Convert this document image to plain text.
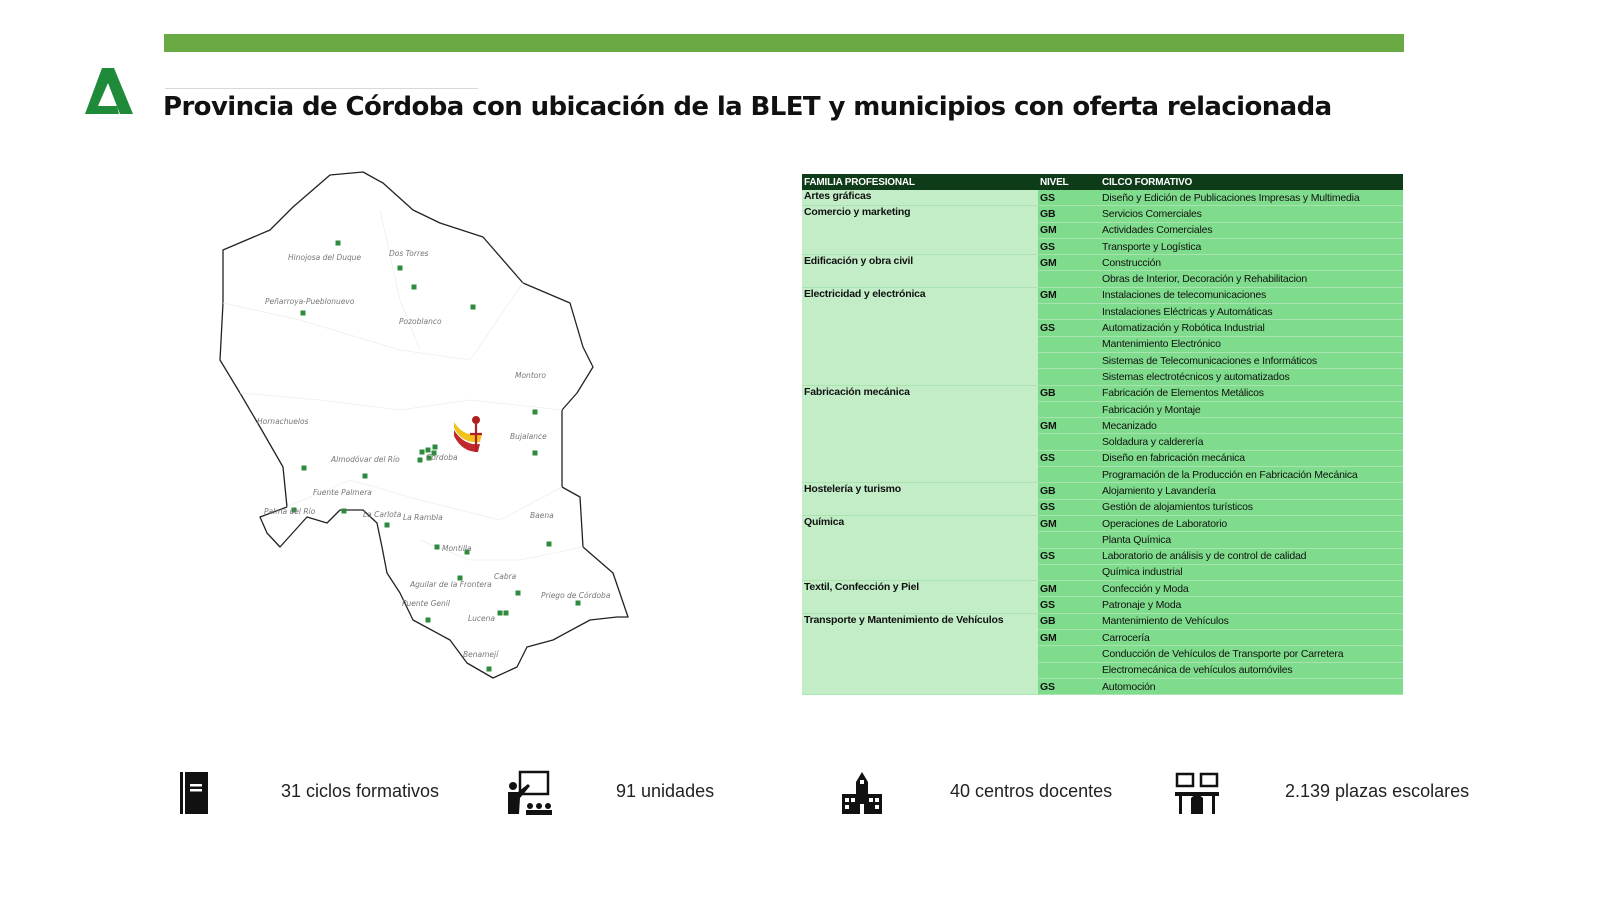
Provincia de Córdoba con ubicación de la BLET y municipios con oferta relacionada
Hinojosa del Duque	Dos Torres
Peñarroya-Pueblonuevo
Pozoblanco
Montoro
Hornachuelos
Bujalance
Almodóvar del Río	Córdoba
Fuente Palmera
Palma del Río	La Carlota La Rambla	Baena
Montilla
Cabra
Aguilar de la Frontera
Priego de Córdoba
Puente Genil
Lucena
Benamejí
FAMILIA PROFESIONAL	NIVEL	CILCO FORMATIVO
Artes gráficas	GS	Diseño y Edición de Publicaciones Impresas y Multimedia
Comercio y marketing	GB	Servicios Comerciales
	GM	Actividades Comerciales
	GS	Transporte y Logística
Edificación y obra civil	GM	Construcción
		Obras de Interior, Decoración y Rehabilitacion
Electricidad y electrónica	GM	Instalaciones de telecomunicaciones
		Instalaciones Eléctricas y Automáticas
	GS	Automatización y Robótica Industrial
		Mantenimiento Electrónico
		Sistemas de Telecomunicaciones e Informáticos
		Sistemas electrotécnicos y automatizados
Fabricación mecánica	GB	Fabricación de Elementos Metálicos
		Fabricación y Montaje
	GM	Mecanizado
		Soldadura y calderería
	GS	Diseño en fabricación mecánica
		Programación de la Producción en Fabricación Mecánica
Hostelería y turismo	GB	Alojamiento y Lavandería
	GS	Gestión de alojamientos turísticos
Química	GM	Operaciones de Laboratorio
		Planta Química
	GS	Laboratorio de análisis y de control de calidad
		Química industrial
Textil, Confección y Piel	GM	Confección y Moda
	GS	Patronaje y Moda
Transporte y Mantenimiento de Vehículos	GB	Mantenimiento de Vehículos
	GM	Carrocería
		Conducción de Vehículos de Transporte por Carretera
		Electromecánica de vehículos automóviles
	GS	Automoción
31 ciclos formativos	91 unidades	40 centros docentes	2.139 plazas escolares
